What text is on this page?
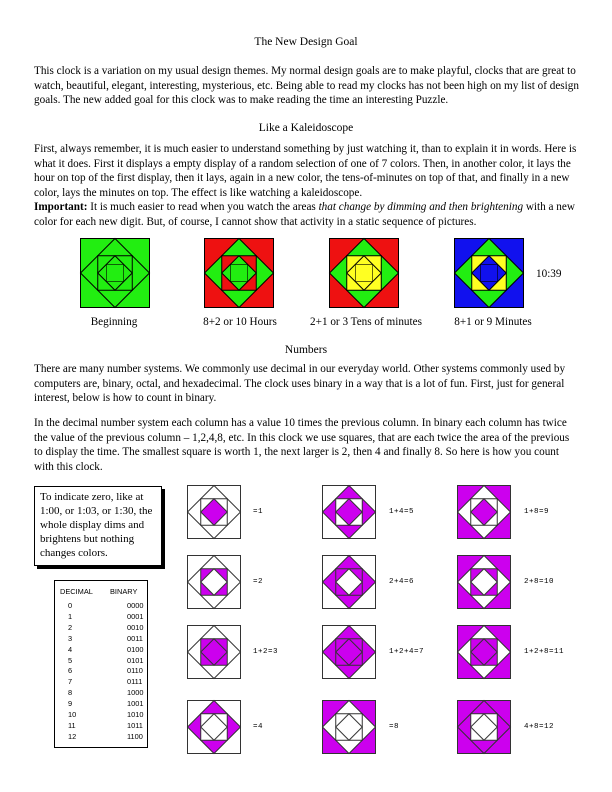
The New Design Goal

This clock is a variation on my usual design themes. My normal design goals are to make playful, clocks that are great to watch, beautiful, elegant, interesting, mysterious, etc. Being able to read my clocks has not been high on my list of design goals. The new added goal for this clock was to make reading the time an interesting Puzzle.

Like a Kaleidoscope

First, always remember, it is much easier to understand something by just watching it, than to explain it in words. Here is what it does. First it displays a empty display of a random selection of one of 7 colors. Then, in another color, it lays the hour on top of the first display, then it lays, again in a new color, the tens-of-minutes on top of that, and finally in a new color, lays the minutes on top. The effect is like watching a kaleidoscope.

Important: It is much easier to read when you watch the areas that change by dimming and then brightening with a new color for each new digit. But, of course, I cannot show that activity in a static sequence of pictures.

Beginning	8+2 or 10 Hours	2+1 or 3 Tens of minutes	8+1 or 9 Minutes
10:39
Numbers

There are many number systems. We commonly use decimal in our everyday world. Other systems commonly used by computers are, binary, octal, and hexadecimal. The clock uses binary in a way that is a lot of fun. First, just for general interest, below is how to count in binary.

In the decimal number system each column has a value 10 times the previous column. In binary each column has twice the value of the previous column – 1,2,4,8, etc. In this clock we use squares, that are each twice the area of the previous to display the time. The smallest square is worth 1, the next larger is 2, then 4 and finally 8. So here is how you count with this clock.

To indicate zero, like at 1:00, or 1:03, or 1:30, the whole display dims and brightens but nothing changes colors.
DECIMAL BINARY
0	0000
1	0001
2	0010
3	0011
4	0100
5	0101
6	0110
7	0111
8	1000
9	1001
10	1010
11	1011
12	1100
=1	1+4=5	1+8=9
=2	2+4=6	2+8=10
1+2=3	1+2+4=7	1+2+8=11
=4	=8	4+8=12
